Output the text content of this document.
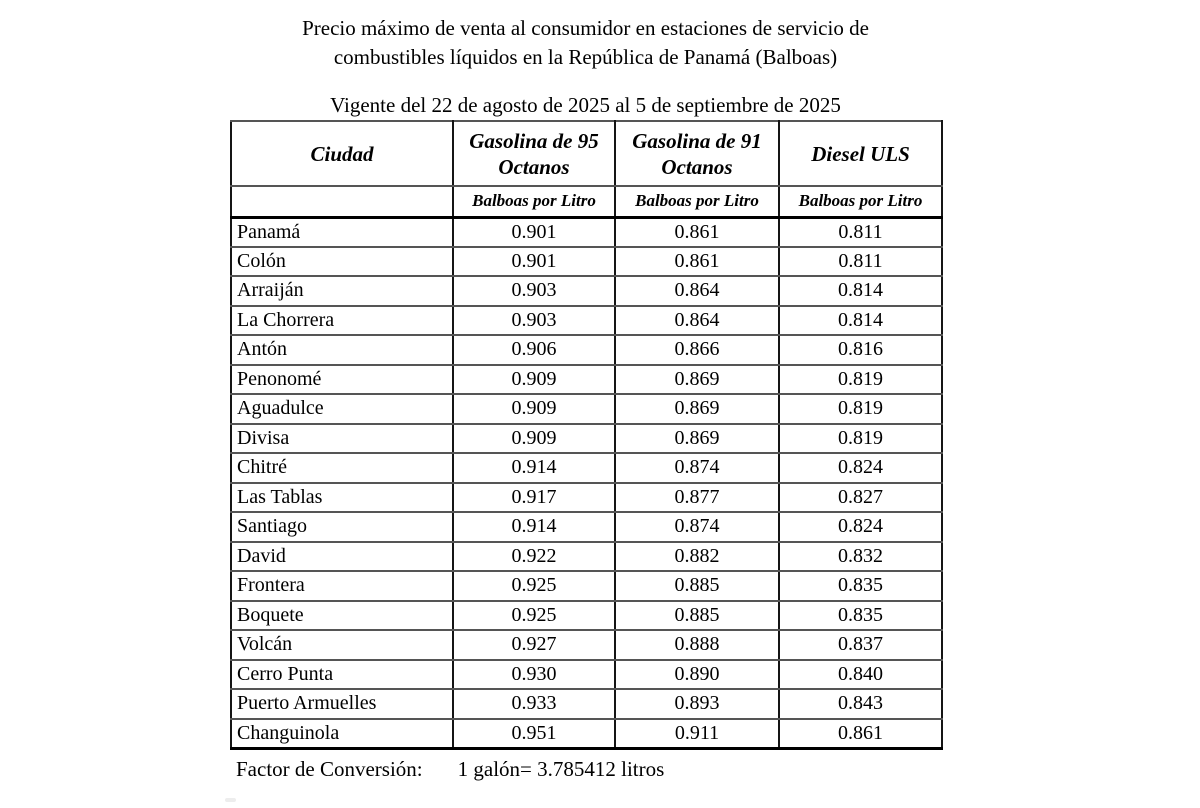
Precio máximo de venta al consumidor en estaciones de servicio de
combustibles líquidos en la República de Panamá (Balboas)
Vigente del 22 de agosto de 2025 al 5 de septiembre de 2025
Ciudad	Gasolina de 95 Octanos	Gasolina de 91 Octanos	Diesel ULS
	Balboas por Litro	Balboas por Litro	Balboas por Litro
Panamá	0.901	0.861	0.811
Colón	0.901	0.861	0.811
Arraiján	0.903	0.864	0.814
La Chorrera	0.903	0.864	0.814
Antón	0.906	0.866	0.816
Penonomé	0.909	0.869	0.819
Aguadulce	0.909	0.869	0.819
Divisa	0.909	0.869	0.819
Chitré	0.914	0.874	0.824
Las Tablas	0.917	0.877	0.827
Santiago	0.914	0.874	0.824
David	0.922	0.882	0.832
Frontera	0.925	0.885	0.835
Boquete	0.925	0.885	0.835
Volcán	0.927	0.888	0.837
Cerro Punta	0.930	0.890	0.840
Puerto Armuelles	0.933	0.893	0.843
Changuinola	0.951	0.911	0.861
Factor de Conversión: 1 galón= 3.785412 litros
